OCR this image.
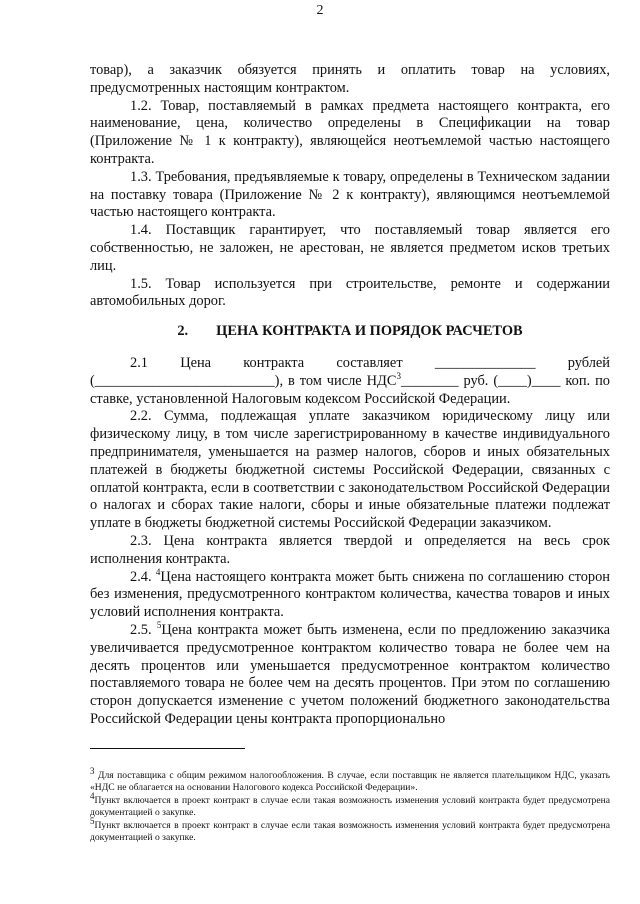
2

товар), а заказчик обязуется принять и оплатить товар на условиях, предусмотренных настоящим контрактом.

1.2. Товар, поставляемый в рамках предмета настоящего контракта, его наименование, цена, количество определены в Спецификации на товар (Приложение № 1 к контракту), являющейся неотъемлемой частью настоящего контракта.

1.3. Требования, предъявляемые к товару, определены в Техническом задании на поставку товара (Приложение № 2 к контракту), являющимся неотъемлемой частью настоящего контракта.

1.4. Поставщик гарантирует, что поставляемый товар является его собственностью, не заложен, не арестован, не является предметом исков третьих лиц.

1.5. Товар используется при строительстве, ремонте и содержании автомобильных дорог.

2. ЦЕНА КОНТРАКТА И ПОРЯДОК РАСЧЕТОВ
2.1 Цена контракта составляет ______________ рублей

(_________________________), в том числе НДС$^3$________ руб. (____)____ коп. по ставке, установленной Налоговым кодексом Российской Федерации.

2.2. Сумма, подлежащая уплате заказчиком юридическому лицу или физическому лицу, в том числе зарегистрированному в качестве индивидуального предпринимателя, уменьшается на размер налогов, сборов и иных обязательных платежей в бюджеты бюджетной системы Российской Федерации, связанных с оплатой контракта, если в соответствии с законодательством Российской Федерации о налогах и сборах такие налоги, сборы и иные обязательные платежи подлежат уплате в бюджеты бюджетной системы Российской Федерации заказчиком.

2.3. Цена контракта является твердой и определяется на весь срок исполнения контракта.

2.4. $^4$Цена настоящего контракта может быть снижена по соглашению сторон без изменения, предусмотренного контрактом количества, качества товаров и иных условий исполнения контракта.

2.5. $^5$Цена контракта может быть изменена, если по предложению заказчика увеличивается предусмотренное контрактом количество товара не более чем на десять процентов или уменьшается предусмотренное контрактом количество поставляемого товара не более чем на десять процентов. При этом по соглашению сторон допускается изменение с учетом положений бюджетного законодательства Российской Федерации цены контракта пропорционально

$^3$ Для поставщика с общим режимом налогообложения. В случае, если поставщик не является плательщиком НДС, указать «НДС не облагается на основании Налогового кодекса Российской Федерации».

$^4$Пункт включается в проект контракт в случае если такая возможность изменения условий контракта будет предусмотрена документацией о закупке.

$^5$Пункт включается в проект контракт в случае если такая возможность изменения условий контракта будет предусмотрена документацией о закупке.
